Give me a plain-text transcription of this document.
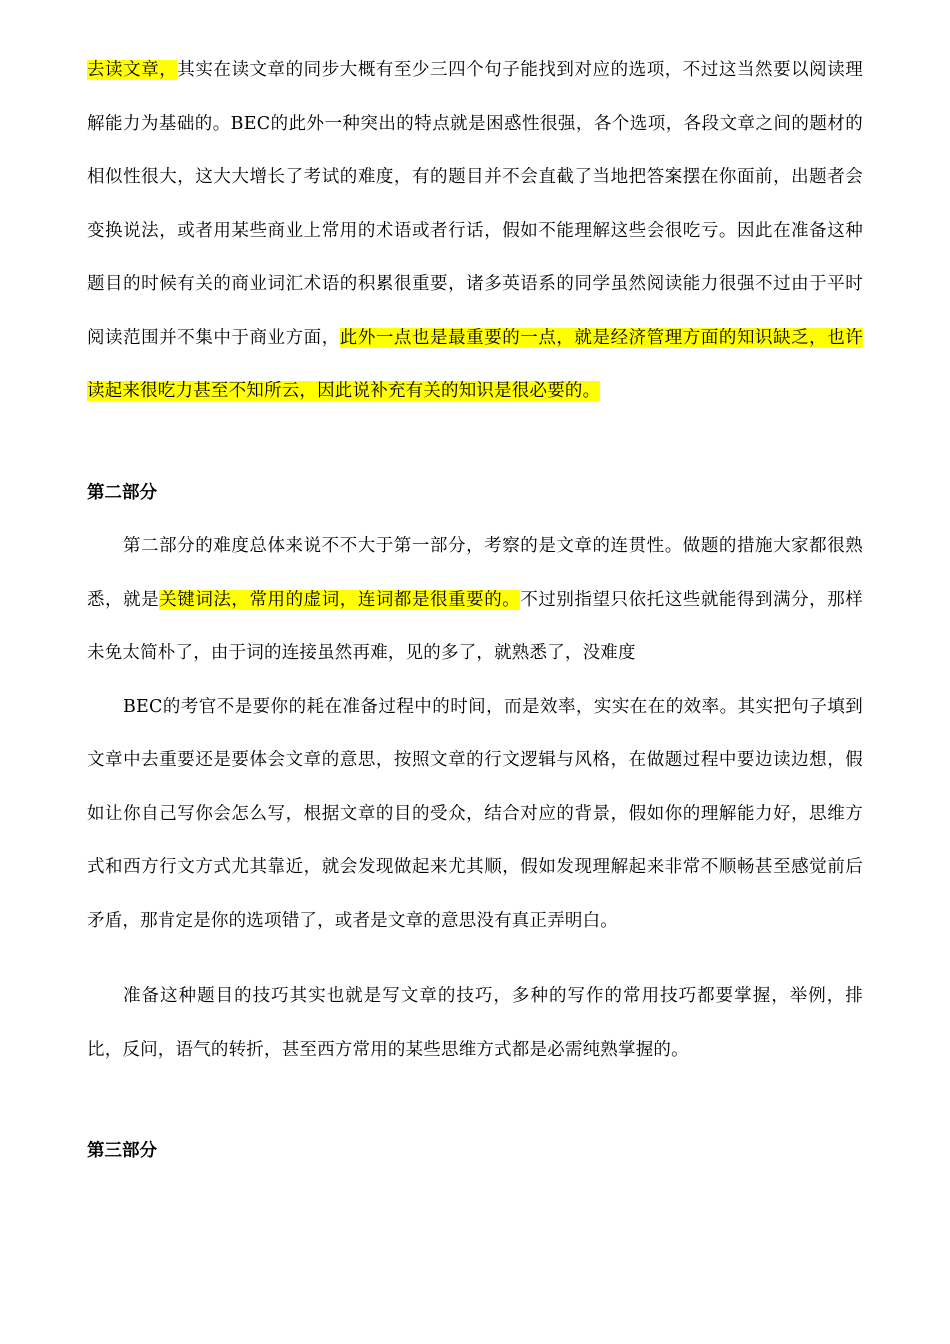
去读文章，其实在读文章的同步大概有至少三四个句子能找到对应的选项，不过这当然要以阅读理解能力为基础的。BEC的此外一种突出的特点就是困惑性很强，各个选项，各段文章之间的题材的相似性很大，这大大增长了考试的难度，有的题目并不会直截了当地把答案摆在你面前，出题者会变换说法，或者用某些商业上常用的术语或者行话，假如不能理解这些会很吃亏。因此在准备这种题目的时候有关的商业词汇术语的积累很重要，诸多英语系的同学虽然阅读能力很强不过由于平时阅读范围并不集中于商业方面，此外一点也是最重要的一点，就是经济管理方面的知识缺乏，也许读起来很吃力甚至不知所云，因此说补充有关的知识是很必要的。

第二部分

第二部分的难度总体来说不不大于第一部分，考察的是文章的连贯性。做题的措施大家都很熟悉，就是关键词法，常用的虚词，连词都是很重要的。不过别指望只依托这些就能得到满分，那样未免太简朴了，由于词的连接虽然再难，见的多了，就熟悉了，没难度

BEC的考官不是要你的耗在准备过程中的时间，而是效率，实实在在的效率。其实把句子填到文章中去重要还是要体会文章的意思，按照文章的行文逻辑与风格，在做题过程中要边读边想，假如让你自己写你会怎么写，根据文章的目的受众，结合对应的背景，假如你的理解能力好，思维方式和西方行文方式尤其靠近，就会发现做起来尤其顺，假如发现理解起来非常不顺畅甚至感觉前后矛盾，那肯定是你的选项错了，或者是文章的意思没有真正弄明白。

准备这种题目的技巧其实也就是写文章的技巧，多种的写作的常用技巧都要掌握，举例，排比，反问，语气的转折，甚至西方常用的某些思维方式都是必需纯熟掌握的。

第三部分
